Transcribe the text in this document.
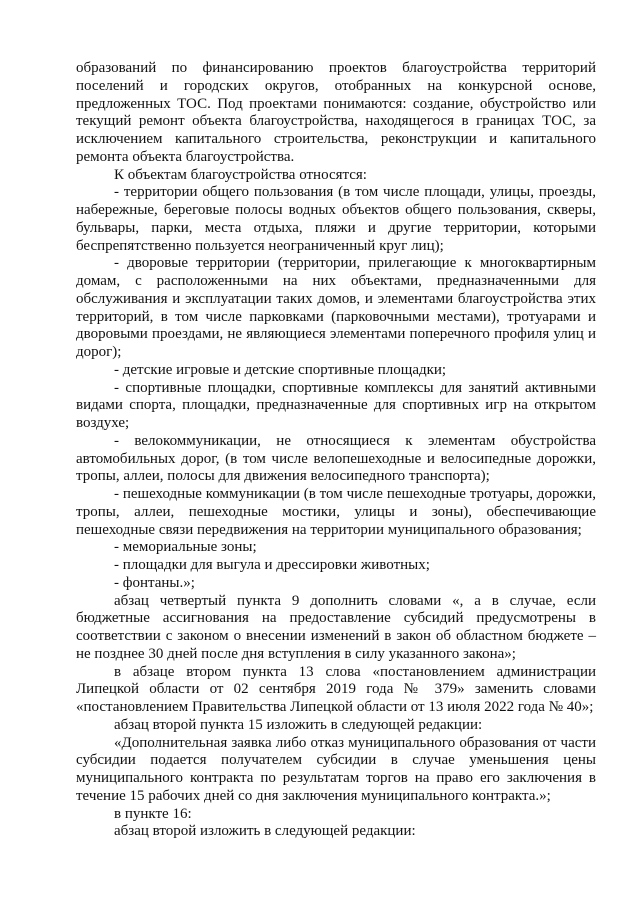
образований по финансированию проектов благоустройства территорий поселений и городских округов, отобранных на конкурсной основе, предложенных ТОС. Под проектами понимаются: создание, обустройство или текущий ремонт объекта благоустройства, находящегося в границах ТОС, за исключением капитального строительства, реконструкции и капитального ремонта объекта благоустройства.

К объектам благоустройства относятся:

- территории общего пользования (в том числе площади, улицы, проезды, набережные, береговые полосы водных объектов общего пользования, скверы, бульвары, парки, места отдыха, пляжи и другие территории, которыми беспрепятственно пользуется неограниченный круг лиц);

- дворовые территории (территории, прилегающие к многоквартирным домам, с расположенными на них объектами, предназначенными для обслуживания и эксплуатации таких домов, и элементами благоустройства этих территорий, в том числе парковками (парковочными местами), тротуарами и дворовыми проездами, не являющиеся элементами поперечного профиля улиц и дорог);

- детские игровые и детские спортивные площадки;

- спортивные площадки, спортивные комплексы для занятий активными видами спорта, площадки, предназначенные для спортивных игр на открытом воздухе;

- велокоммуникации, не относящиеся к элементам обустройства автомобильных дорог, (в том числе велопешеходные и велосипедные дорожки, тропы, аллеи, полосы для движения велосипедного транспорта);

- пешеходные коммуникации (в том числе пешеходные тротуары, дорожки, тропы, аллеи, пешеходные мостики, улицы и зоны), обеспечивающие пешеходные связи передвижения на территории муниципального образования;

- мемориальные зоны;

- площадки для выгула и дрессировки животных;

- фонтаны.»;

абзац четвертый пункта 9 дополнить словами «, а в случае, если бюджетные ассигнования на предоставление субсидий предусмотрены в соответствии с законом о внесении изменений в закон об областном бюджете – не позднее 30 дней после дня вступления в силу указанного закона»;

в абзаце втором пункта 13 слова «постановлением администрации Липецкой области от 02 сентября 2019 года № 379» заменить словами «постановлением Правительства Липецкой области от 13 июля 2022 года № 40»;

абзац второй пункта 15 изложить в следующей редакции:

«Дополнительная заявка либо отказ муниципального образования от части субсидии подается получателем субсидии в случае уменьшения цены муниципального контракта по результатам торгов на право его заключения в течение 15 рабочих дней со дня заключения муниципального контракта.»;

в пункте 16:

абзац второй изложить в следующей редакции:
